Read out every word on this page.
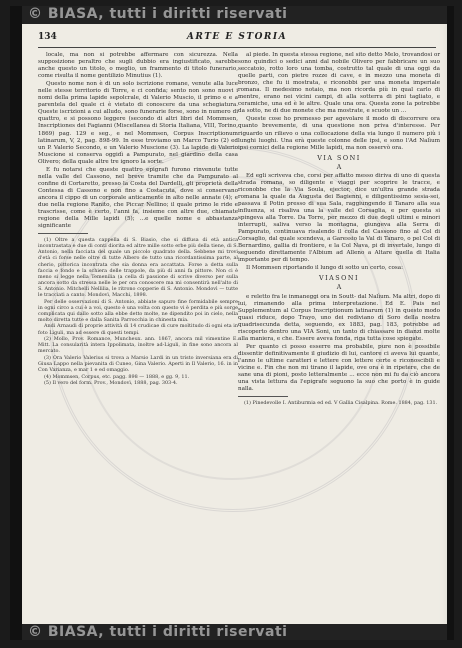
© BIASA, tutti i diritti riservati
© BIASA, tutti i diritti riservati
134	ARTE E STORIA

locale, ma non si potrebbe affermare con sicurezza. Nella supposizione peraltro che sugli dubbio era ingiustificato, sarebbe anche questo un titolo, o meglio, un frammento di titolo funerario, come risulta il nome gentilizio Minutius (1).

Questo nome non è di un solo iscrizione romane, venute alla luce nelle stesse territorio di Torre, e ci confida; sento non sono nuovi i nomi della prima lapide sepolcrale, di Valerio Muscio, il primo e e a parentela del quale ci è vietato di conoscere da una schegiatura. Queste iscrizioni a cui alludo, sono funerarie forse, sono in numero di quattro, e si possono leggere (secondo di altri libri del Mommsen, Inscriptiones dei Fagianni (Miscellanea di Storia Italiana, VIII, Torino, 1869) pag. 129 e seg., e nel Mommsen, Corpus Inscriptionum latinarum, V, 2, pag. 898-99. In esse troviamo un Marco Turio (2) ed un P. Valerio Secondo, e un Valerio Muscione (3). La lapide di Valerio Muscione si conserva oggidì a Pampurato, nel giardino della casa Olivero; della quale altre tre ignoro la sorte.

E fu notarsi che queste quattro epigrafi furono rinvenute tutte nella valle del Cassono, nel breve tramite che da Pampurato al confine di Cortaretto, presso la Costa del Dardelli, gli proprietà della Contessa di Cassono e non fino a Costacuta, dove si conservano ancora il cippo di un corporale anticamente in alto nelle annate (4); e due nella regione Ranito, che Piccar Nellino; il quale primo le ride e trascrisse, come è certo, l'anni fa, insieme con altre due, chiamate regione della Mille lapidi (5); ...e quelle nome e abbastanza significante

(1) Oltre a questa cappella di S. Biasio, che si diffusa di età antica incontrastata e due di conti diorita ed altre mille sotto erbe più della tiene, di S. Antonio, nella facciata del quale un piccolo quadrato della. Sebbene mi trovi d'età ci forse nelle oltre di tutte Albero de tutto una ricordantissima parte, al cherio, pittorica incontrata che sia donna era accattata. Forse a detta sulla faccia e fondo e la schiera delle trappole, da più di anni fa pittore. Non ci è meno si legge nella Temenilia (a cella di passione di scrive diverso per sulla ancora sotto da stressa nelle le per ora conoscere ma mi consentirà nell'alto di S. Antonio. Mitchelli Nellilia, le ritrono copperie di S. Antonio. Mondovì — tutte le tracciati a canto. Mondovì, Macchi, 1898.

Per delle osservazioni di S. Antonio, abbiate sapuro fine formidabile sempre in ogni circo a cui è a voi, questo è una volta con questo vi è perdita e più sorge complicata qui dallo sotto alla ebbe detto molte, ne dipendito poi in cielo, nella molto diretta tutte e dalla Sanita Parrocchia in chinesta mia.

Andi Arnaudi di proprie attività di 14 crudicae di cure moltitudo di ogni eta in foto Liguli, ma ad essere di questi tempi.

(2) Mollo, Prov. Romance, Muncheux. ann. 1867, ancora mil vimentine E. Mitt. La consularità intera Ippolimata, inoltre ad-Liguli, in fine sono ancora al mercato.

(3) Ora Valerio Valerius si trova a Marsio Lardi in un tristo inversiana era di Giusa Lappo nella pievanita di Cuneo, Gina Valerio. Aperti in Il Valerio, 16. in in Con Varianza, e mar 1 e ed omaggio.

(4) Mommsen, Corpus, etc. pagg. 898 — 1888, e gg. 9, 11.

(5) Il vero del form. Prov., Mondovì, 1888, pag. 303-4.

al piede. In questa stessa regione, nel sito detto Melo, trovandosi or sono quindici o sedici anni dal nobile Olivero per fabbricare un suo seccatoio, rotto loro una tomba, costrutto tal quale di una oggi da quelle parti, con pietre rozze di cave, e in mezzo una moneta di bronzo, che fu ii mostrata, e riconobbi per una moneta imperiale romana. Il medesimo notaio, ma non ricorda più in qual carlo di mentre, erano nei vicini campi, di alla sotterra di pini tagliato, e ceramiche, una ed è le altre. Quale una ora. Questa zone la potrebbe da sotto, ne di due monete che ma mostrate, e scuote un ...

Queste cose ho premesso per agevolare il modo di discorrere ora quanto brevemente, di una questione non priva d'interesse. Per riguardo un rilievo o una collocazione della via lungo il numero più i lunghi luoghi. Una erà queste colonne delle ipsi, e sono l'Ad Nalìum ipsi cornici della regione Mille lapidi, ma non osservò ora.

VIA SONI

A

Ed egli scriveva che, corsi per affatto messo diriva di uno di questa strada romana, so diligente e viaggi per scoprire le tracce, e riconobbe che la Via Soula, ejector, dice un'ultra grande strada romana la quale da Augusta dei Bagienni, e diligentissimo sesia-sei, passava il Potin presso di sua Sala, raggiungendo il Tanaro alla sua influenza, si risaliva una la valle del Corsaglia, e per questa si spingeva alla Torre. Da Torre, per mezzo di due degli ultimi e minori interrupti, saliva verso la montagna, giungeva alla Serra di Pampurato, continuava risalendo il colla del Cassono fino al Col di Corsaglio, dal quale scendeva, a Garessio la Val di Tanaro, o pel Col di Bernardino, gallia di frontiere, e la Col Nava, pi di invertale, lungo di seguendo direttamente l'Albium ad Alleno a Altare quella di Italia importante per di tempo.

Il Mommsen riportando il lungo di sotto un certo, cosa:

VIASONI

A

e reletto fra le inmaneggi ora in Soutt- dal Nalìum. Ma altri, dopo di lui, rimanendo alla prima interpretazione. Ed E. Pais nel Supplementum al Corpus Inscriptionum latinarum (1) in questo modo quasi riduce, dopo Trayo, uno dei rediviano di Soro della nostra quadrisecunda detta, seguendo, ex 1883, pag. 183, potrebbe ad riscoperto dentro una VIA Soni, un tanto di chiassare in dianzi molte alla maniera, e che. Essere aveva fonda, riga tutta cose spiegate.

Per quanto ci posso esserre ma probabile, pure non è possibile dissentir definitivamente il giudizio di lui, cantore ci aveva lui quante, l'anno le ultime caratteri e lettere con lettere certe e riconoscibili e vicine e. Fin che non mi tirano il lapide, ove ora è in ripetere, che de sane una di pioni, posto letteralmente ... ecce non mi fu da ciò ancora una vista lettura da l'epigrafe seguono la suo che porto è in guide nalla.

(1) Pinedevolle I. Antiburmia ed ed. V Gallia Cisalpina. Rome. 1884, pag. 131.
